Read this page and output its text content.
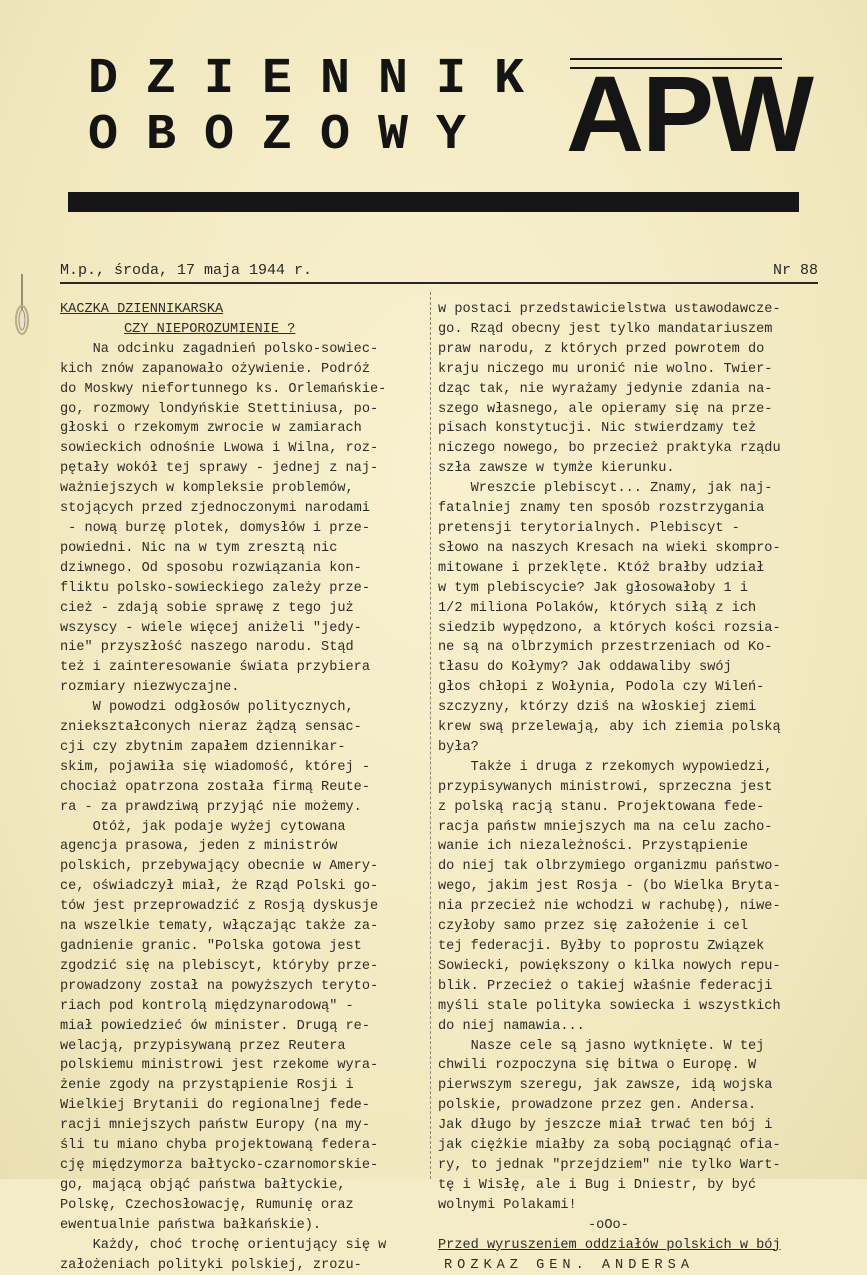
DZIENNIK
OBOZOWY APW
M.p., środa, 17 maja 1944 r.	Nr 88
KACZKA DZIENNIKARSKA
CZY NIEPOROZUMIENIE ?
Na odcinku zagadnień polsko-sowiec-
kich znów zapanowało ożywienie. Podróż
do Moskwy niefortunnego ks. Orlemańskie-
go, rozmowy londyńskie Stettiniusa, po-
głoski o rzekomym zwrocie w zamiarach
sowieckich odnośnie Lwowa i Wilna, roz-
pętały wokół tej sprawy - jednej z naj-
ważniejszych w kompleksie problemów,
stojących przed zjednoczonymi narodami
- nową burzę plotek, domysłów i prze-
powiedni. Nic na w tym zresztą nic
dziwnego. Od sposobu rozwiązania kon-
fliktu polsko-sowieckiego zależy prze-
cież - zdają sobie sprawę z tego już
wszyscy - wiele więcej aniżeli "jedy-
nie" przyszłość naszego narodu. Stąd
też i zainteresowanie świata przybiera
rozmiary niezwyczajne.
W powodzi odgłosów politycznych,
zniekształconych nieraz żądzą sensac-
cji czy zbytnim zapałem dziennikar-
skim, pojawiła się wiadomość, której -
chociaż opatrzona została firmą Reute-
ra - za prawdziwą przyjąć nie możemy.
Otóż, jak podaje wyżej cytowana
agencja prasowa, jeden z ministrów
polskich, przebywający obecnie w Amery-
ce, oświadczył miał, że Rząd Polski go-
tów jest przeprowadzić z Rosją dyskusje
na wszelkie tematy, włączając także za-
gadnienie granic. "Polska gotowa jest
zgodzić się na plebiscyt, któryby prze-
prowadzony został na powyższych teryto-
riach pod kontrolą międzynarodową" -
miał powiedzieć ów minister. Drugą re-
welacją, przypisywaną przez Reutera
polskiemu ministrowi jest rzekome wyra-
żenie zgody na przystąpienie Rosji i
Wielkiej Brytanii do regionalnej fede-
racji mniejszych państw Europy (na my-
śli tu miano chyba projektowaną federa-
cję międzymorza bałtycko-czarnomorskie-
go, mającą objąć państwa bałtyckie,
Polskę, Czechosłowację, Rumunię oraz
ewentualnie państwa bałkańskie).
Każdy, choć trochę orientujący się w
założeniach polityki polskiej, zrozu-
w postaci przedstawicielstwa ustawodawcze-
go. Rząd obecny jest tylko mandatariuszem
praw narodu, z których przed powrotem do
kraju niczego mu uronić nie wolno. Twier-
dząc tak, nie wyrażamy jedynie zdania na-
szego własnego, ale opieramy się na prze-
pisach konstytucji. Nic stwierdzamy też
niczego nowego, bo przecież praktyka rządu
szła zawsze w tymże kierunku.
Wreszcie plebiscyt... Znamy, jak naj-
fatalniej znamy ten sposób rozstrzygania
pretensji terytorialnych. Plebiscyt -
słowo na naszych Kresach na wieki skompro-
mitowane i przeklęte. Któż brałby udział
w tym plebiscycie? Jak głosowałoby 1 i
1/2 miliona Polaków, których siłą z ich
siedzib wypędzono, a których kości rozsia-
ne są na olbrzymich przestrzeniach od Ko-
tłasu do Kołymy? Jak oddawaliby swój
głos chłopi z Wołynia, Podola czy Wileń-
szczyzny, którzy dziś na włoskiej ziemi
krew swą przelewają, aby ich ziemia polską
była?
Także i druga z rzekomych wypowiedzi,
przypisywanych ministrowi, sprzeczna jest
z polską racją stanu. Projektowana fede-
racja państw mniejszych ma na celu zacho-
wanie ich niezależności. Przystąpienie
do niej tak olbrzymiego organizmu państwo-
wego, jakim jest Rosja - (bo Wielka Bryta-
nia przecież nie wchodzi w rachubę), niwe-
czyłoby samo przez się założenie i cel
tej federacji. Byłby to poprostu Związek
Sowiecki, powiększony o kilka nowych repu-
blik. Przecież o takiej właśnie federacji
myśli stale polityka sowiecka i wszystkich
do niej namawia...
Nasze cele są jasno wytknięte. W tej
chwili rozpoczyna się bitwa o Europę. W
pierwszym szeregu, jak zawsze, idą wojska
polskie, prowadzone przez gen. Andersa.
Jak długo by jeszcze miał trwać ten bój i
jak ciężkie miałby za sobą pociągnąć ofia-
ry, to jednak "przejdziem" nie tylko Wart-
tę i Wisłę, ale i Bug i Dniestr, by być
wolnymi Polakami!
-oOo-
Przed wyruszeniem oddziałów polskich w bój
ROZKAZ GEN. ANDERSA
